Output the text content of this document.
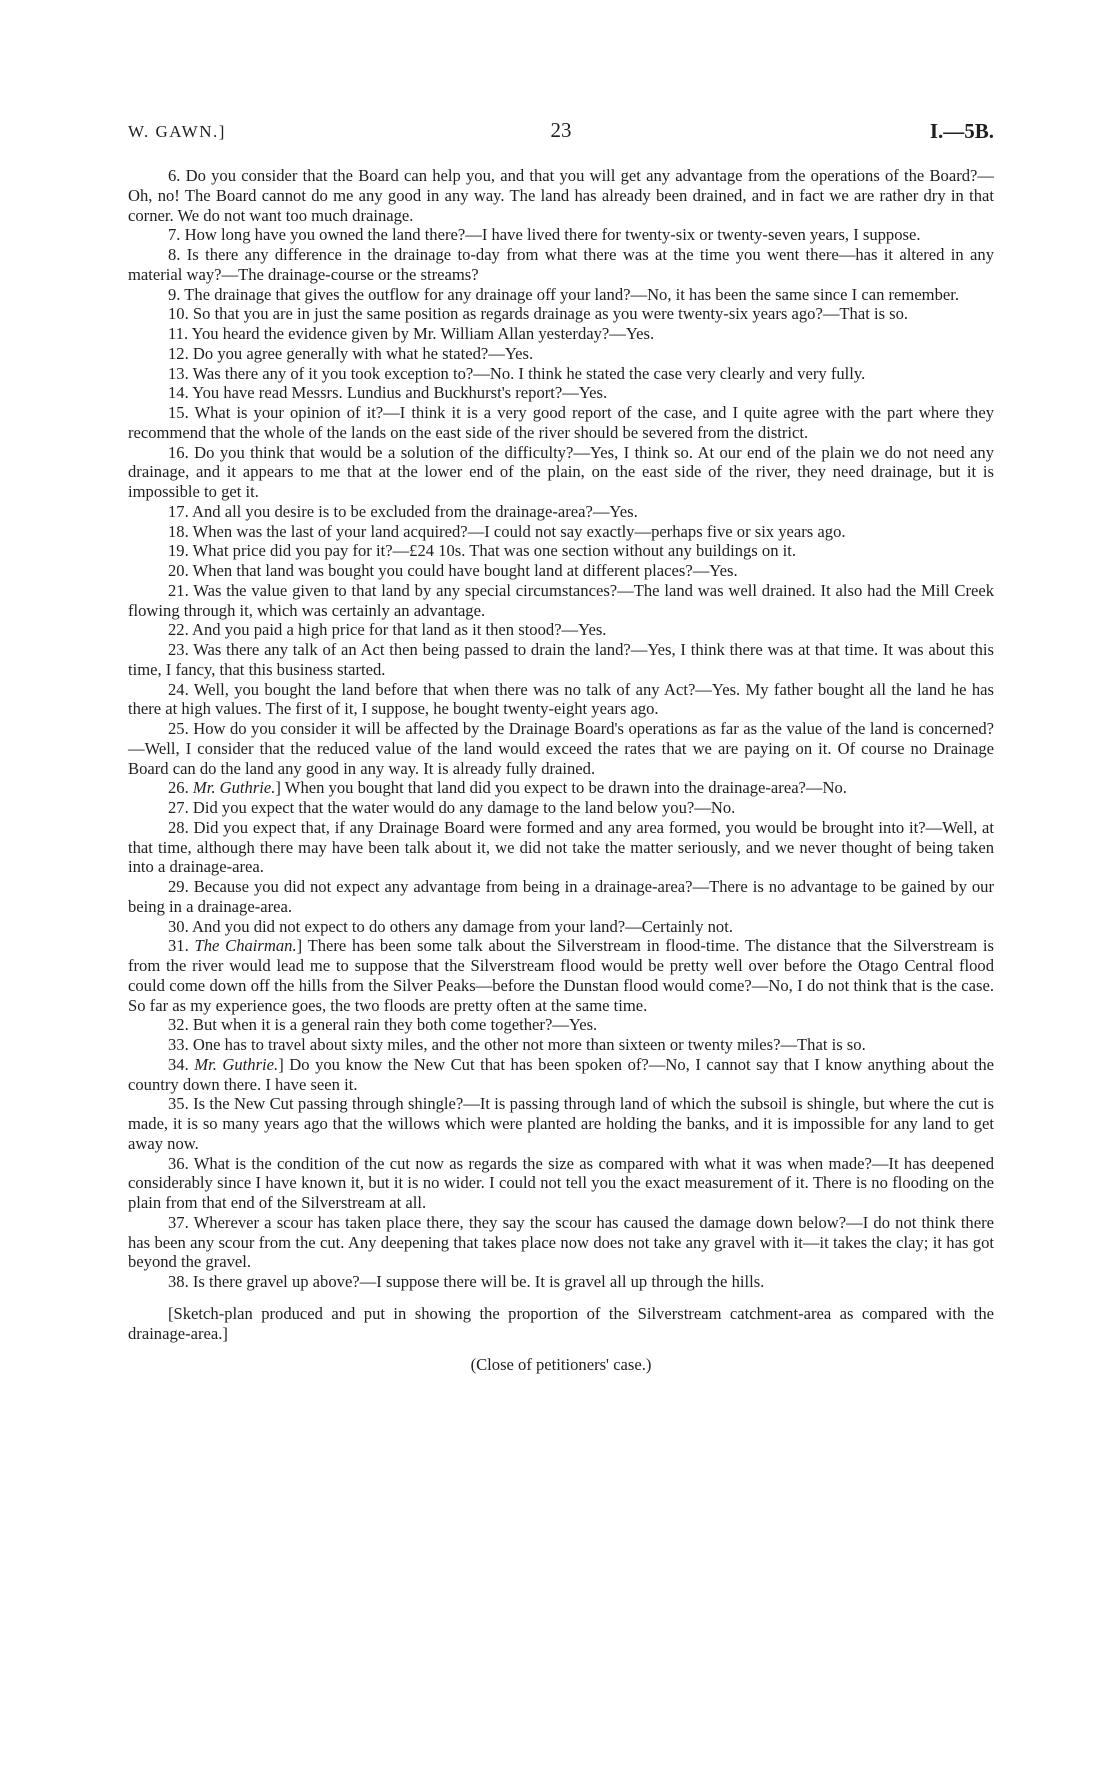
W. GAWN.]	23	I.—5B.

6. Do you consider that the Board can help you, and that you will get any advantage from the operations of the Board?—Oh, no! The Board cannot do me any good in any way. The land has already been drained, and in fact we are rather dry in that corner. We do not want too much drainage.

7. How long have you owned the land there?—I have lived there for twenty-six or twenty-seven years, I suppose.

8. Is there any difference in the drainage to-day from what there was at the time you went there—has it altered in any material way?—The drainage-course or the streams?

9. The drainage that gives the outflow for any drainage off your land?—No, it has been the same since I can remember.

10. So that you are in just the same position as regards drainage as you were twenty-six years ago?—That is so.

11. You heard the evidence given by Mr. William Allan yesterday?—Yes.

12. Do you agree generally with what he stated?—Yes.

13. Was there any of it you took exception to?—No. I think he stated the case very clearly and very fully.

14. You have read Messrs. Lundius and Buckhurst's report?—Yes.

15. What is your opinion of it?—I think it is a very good report of the case, and I quite agree with the part where they recommend that the whole of the lands on the east side of the river should be severed from the district.

16. Do you think that would be a solution of the difficulty?—Yes, I think so. At our end of the plain we do not need any drainage, and it appears to me that at the lower end of the plain, on the east side of the river, they need drainage, but it is impossible to get it.

17. And all you desire is to be excluded from the drainage-area?—Yes.

18. When was the last of your land acquired?—I could not say exactly—perhaps five or six years ago.

19. What price did you pay for it?—£24 10s. That was one section without any buildings on it.

20. When that land was bought you could have bought land at different places?—Yes.

21. Was the value given to that land by any special circumstances?—The land was well drained. It also had the Mill Creek flowing through it, which was certainly an advantage.

22. And you paid a high price for that land as it then stood?—Yes.

23. Was there any talk of an Act then being passed to drain the land?—Yes, I think there was at that time. It was about this time, I fancy, that this business started.

24. Well, you bought the land before that when there was no talk of any Act?—Yes. My father bought all the land he has there at high values. The first of it, I suppose, he bought twenty-eight years ago.

25. How do you consider it will be affected by the Drainage Board's operations as far as the value of the land is concerned?—Well, I consider that the reduced value of the land would exceed the rates that we are paying on it. Of course no Drainage Board can do the land any good in any way. It is already fully drained.

26. Mr. Guthrie.] When you bought that land did you expect to be drawn into the drainage-area?—No.

27. Did you expect that the water would do any damage to the land below you?—No.

28. Did you expect that, if any Drainage Board were formed and any area formed, you would be brought into it?—Well, at that time, although there may have been talk about it, we did not take the matter seriously, and we never thought of being taken into a drainage-area.

29. Because you did not expect any advantage from being in a drainage-area?—There is no advantage to be gained by our being in a drainage-area.

30. And you did not expect to do others any damage from your land?—Certainly not.

31. The Chairman.] There has been some talk about the Silverstream in flood-time. The distance that the Silverstream is from the river would lead me to suppose that the Silverstream flood would be pretty well over before the Otago Central flood could come down off the hills from the Silver Peaks—before the Dunstan flood would come?—No, I do not think that is the case. So far as my experience goes, the two floods are pretty often at the same time.

32. But when it is a general rain they both come together?—Yes.

33. One has to travel about sixty miles, and the other not more than sixteen or twenty miles?—That is so.

34. Mr. Guthrie.] Do you know the New Cut that has been spoken of?—No, I cannot say that I know anything about the country down there. I have seen it.

35. Is the New Cut passing through shingle?—It is passing through land of which the subsoil is shingle, but where the cut is made, it is so many years ago that the willows which were planted are holding the banks, and it is impossible for any land to get away now.

36. What is the condition of the cut now as regards the size as compared with what it was when made?—It has deepened considerably since I have known it, but it is no wider. I could not tell you the exact measurement of it. There is no flooding on the plain from that end of the Silverstream at all.

37. Wherever a scour has taken place there, they say the scour has caused the damage down below?—I do not think there has been any scour from the cut. Any deepening that takes place now does not take any gravel with it—it takes the clay; it has got beyond the gravel.

38. Is there gravel up above?—I suppose there will be. It is gravel all up through the hills.

[Sketch-plan produced and put in showing the proportion of the Silverstream catchment-area as compared with the drainage-area.]

(Close of petitioners' case.)
